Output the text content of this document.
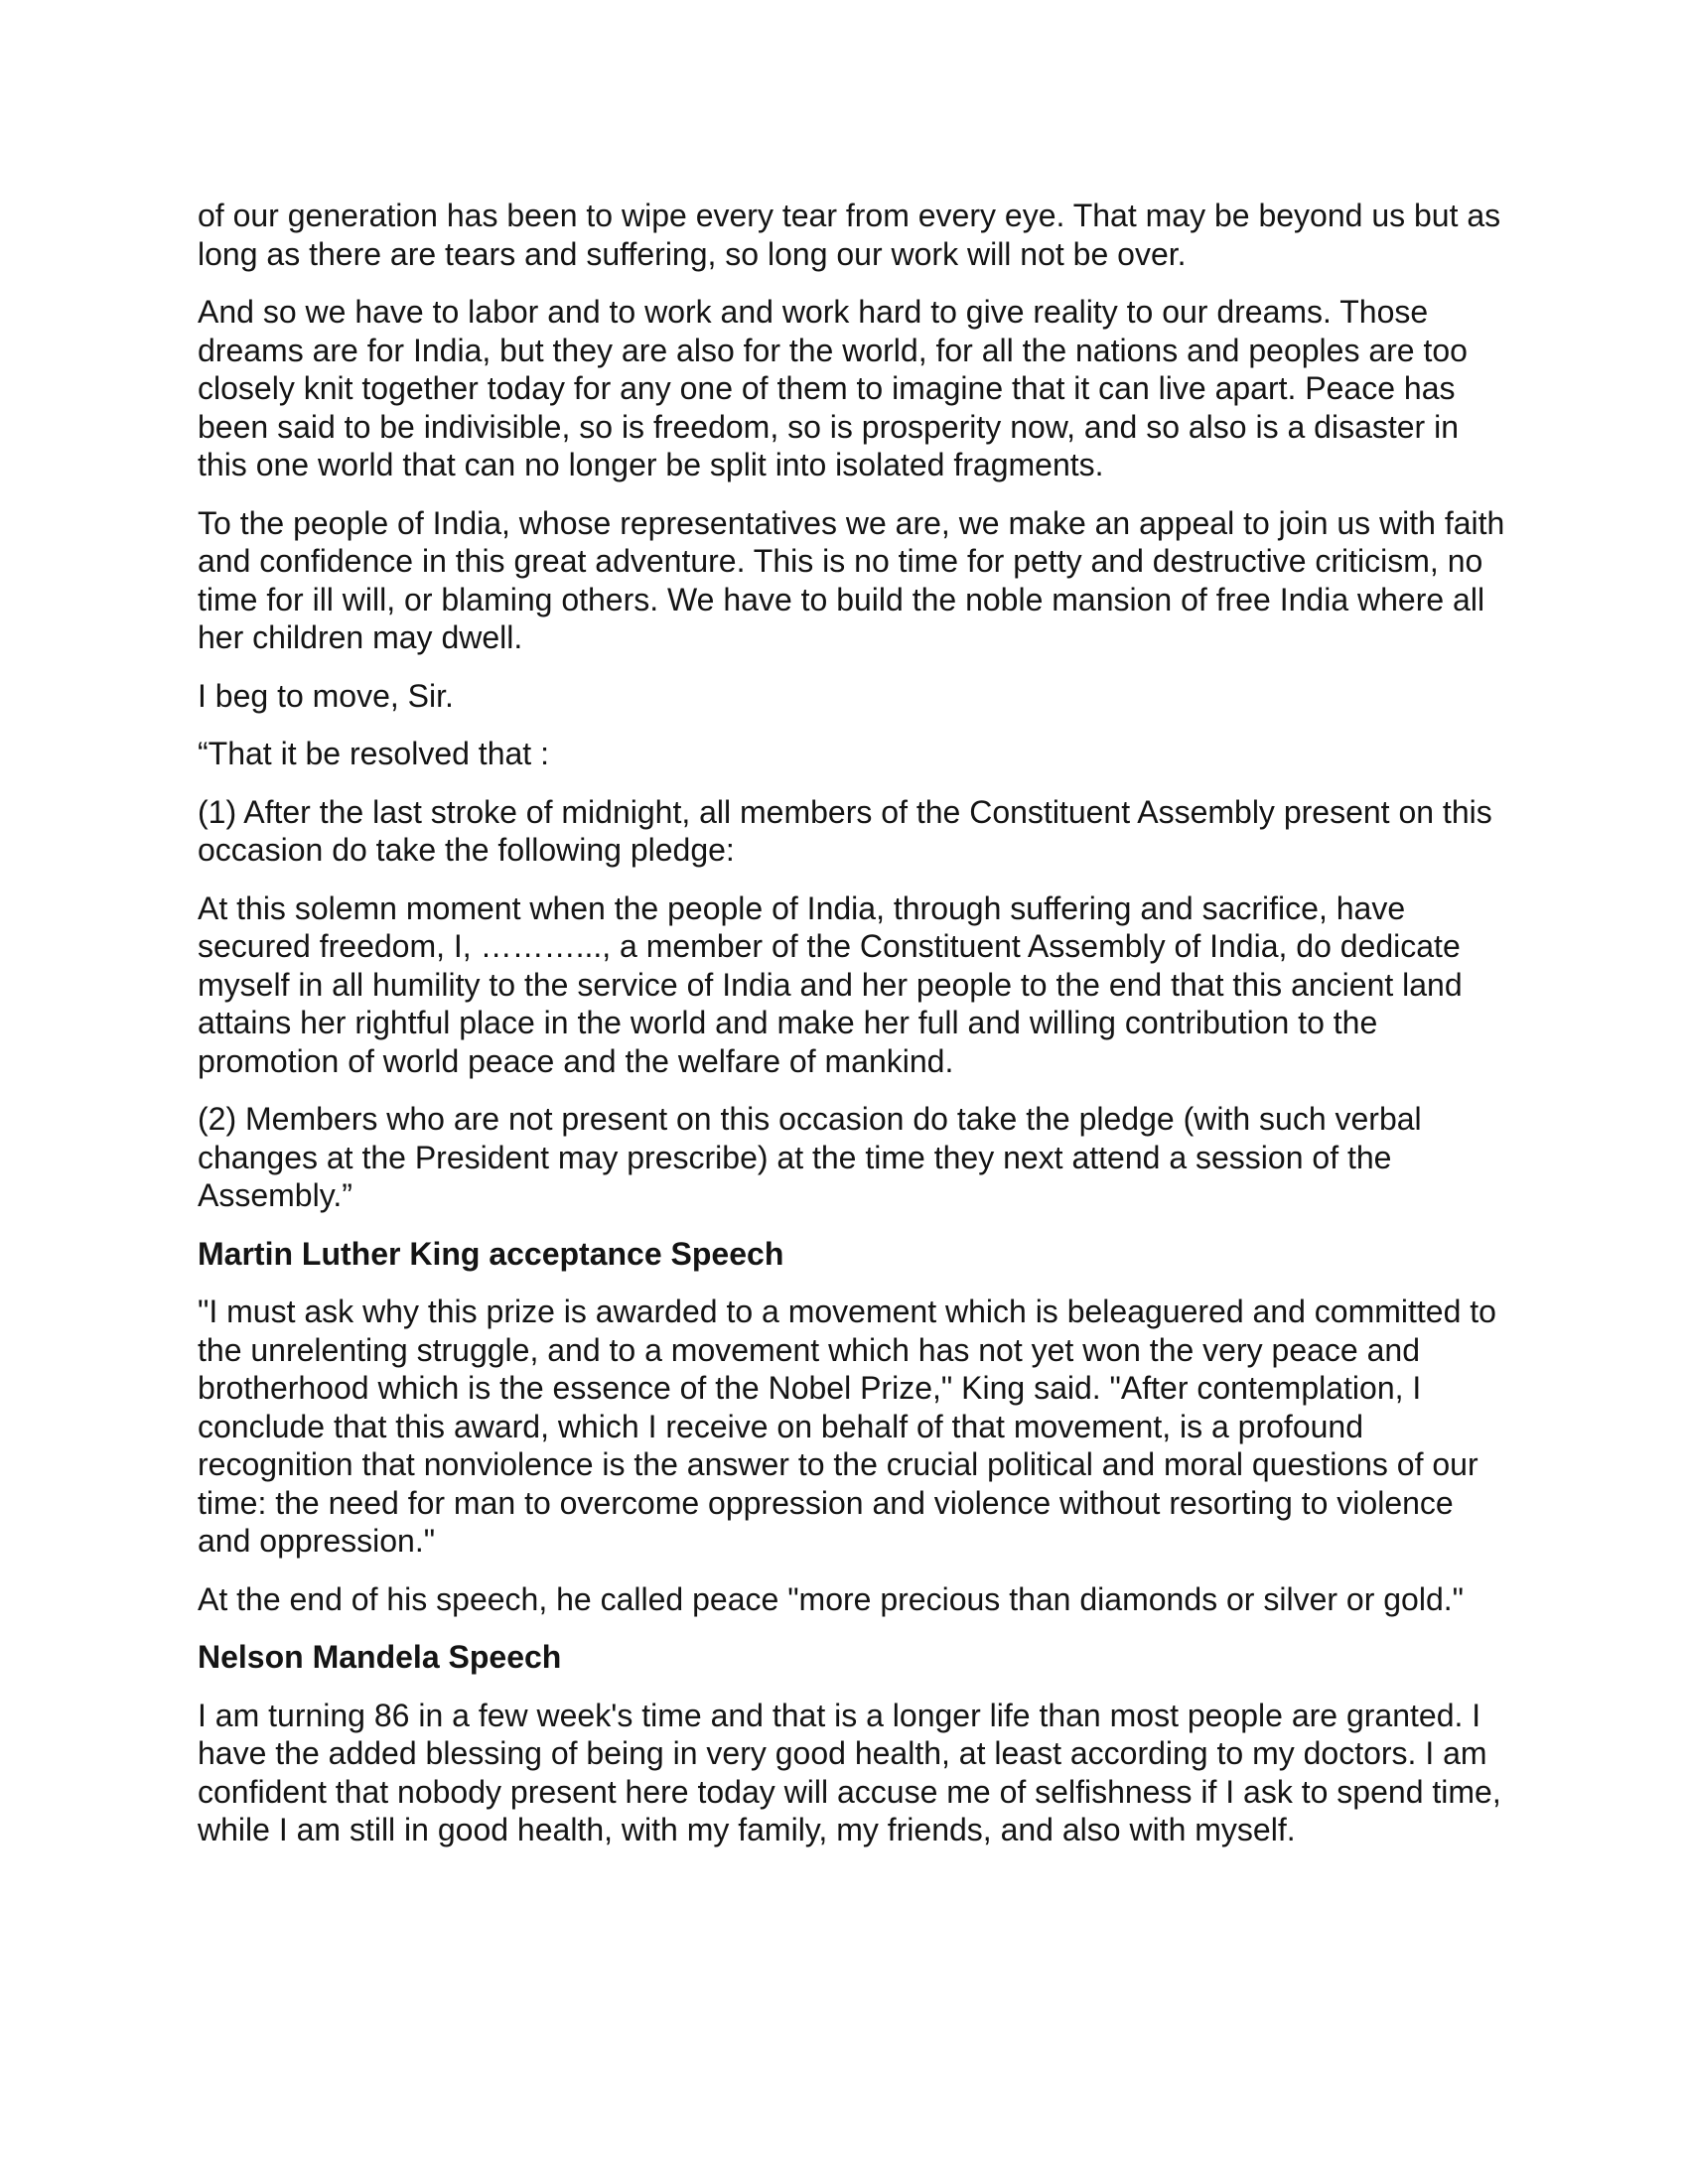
of our generation has been to wipe every tear from every eye. That may be beyond us but as long as there are tears and suffering, so long our work will not be over.

And so we have to labor and to work and work hard to give reality to our dreams. Those dreams are for India, but they are also for the world, for all the nations and peoples are too closely knit together today for any one of them to imagine that it can live apart. Peace has been said to be indivisible, so is freedom, so is prosperity now, and so also is a disaster in this one world that can no longer be split into isolated fragments.

To the people of India, whose representatives we are, we make an appeal to join us with faith and confidence in this great adventure. This is no time for petty and destructive criticism, no time for ill will, or blaming others. We have to build the noble mansion of free India where all her children may dwell.

I beg to move, Sir.

“That it be resolved that :

(1) After the last stroke of midnight, all members of the Constituent Assembly present on this occasion do take the following pledge:

At this solemn moment when the people of India, through suffering and sacrifice, have secured freedom, I, ………..., a member of the Constituent Assembly of India, do dedicate myself in all humility to the service of India and her people to the end that this ancient land attains her rightful place in the world and make her full and willing contribution to the promotion of world peace and the welfare of mankind.

(2) Members who are not present on this occasion do take the pledge (with such verbal changes at the President may prescribe) at the time they next attend a session of the Assembly.”

Martin Luther King acceptance Speech

"I must ask why this prize is awarded to a movement which is beleaguered and committed to the unrelenting struggle, and to a movement which has not yet won the very peace and brotherhood which is the essence of the Nobel Prize," King said. "After contemplation, I conclude that this award, which I receive on behalf of that movement, is a profound recognition that nonviolence is the answer to the crucial political and moral questions of our time: the need for man to overcome oppression and violence without resorting to violence and oppression."

At the end of his speech, he called peace "more precious than diamonds or silver or gold."

Nelson Mandela Speech

I am turning 86 in a few week's time and that is a longer life than most people are granted. I have the added blessing of being in very good health, at least according to my doctors. I am confident that nobody present here today will accuse me of selfishness if I ask to spend time, while I am still in good health, with my family, my friends, and also with myself.
